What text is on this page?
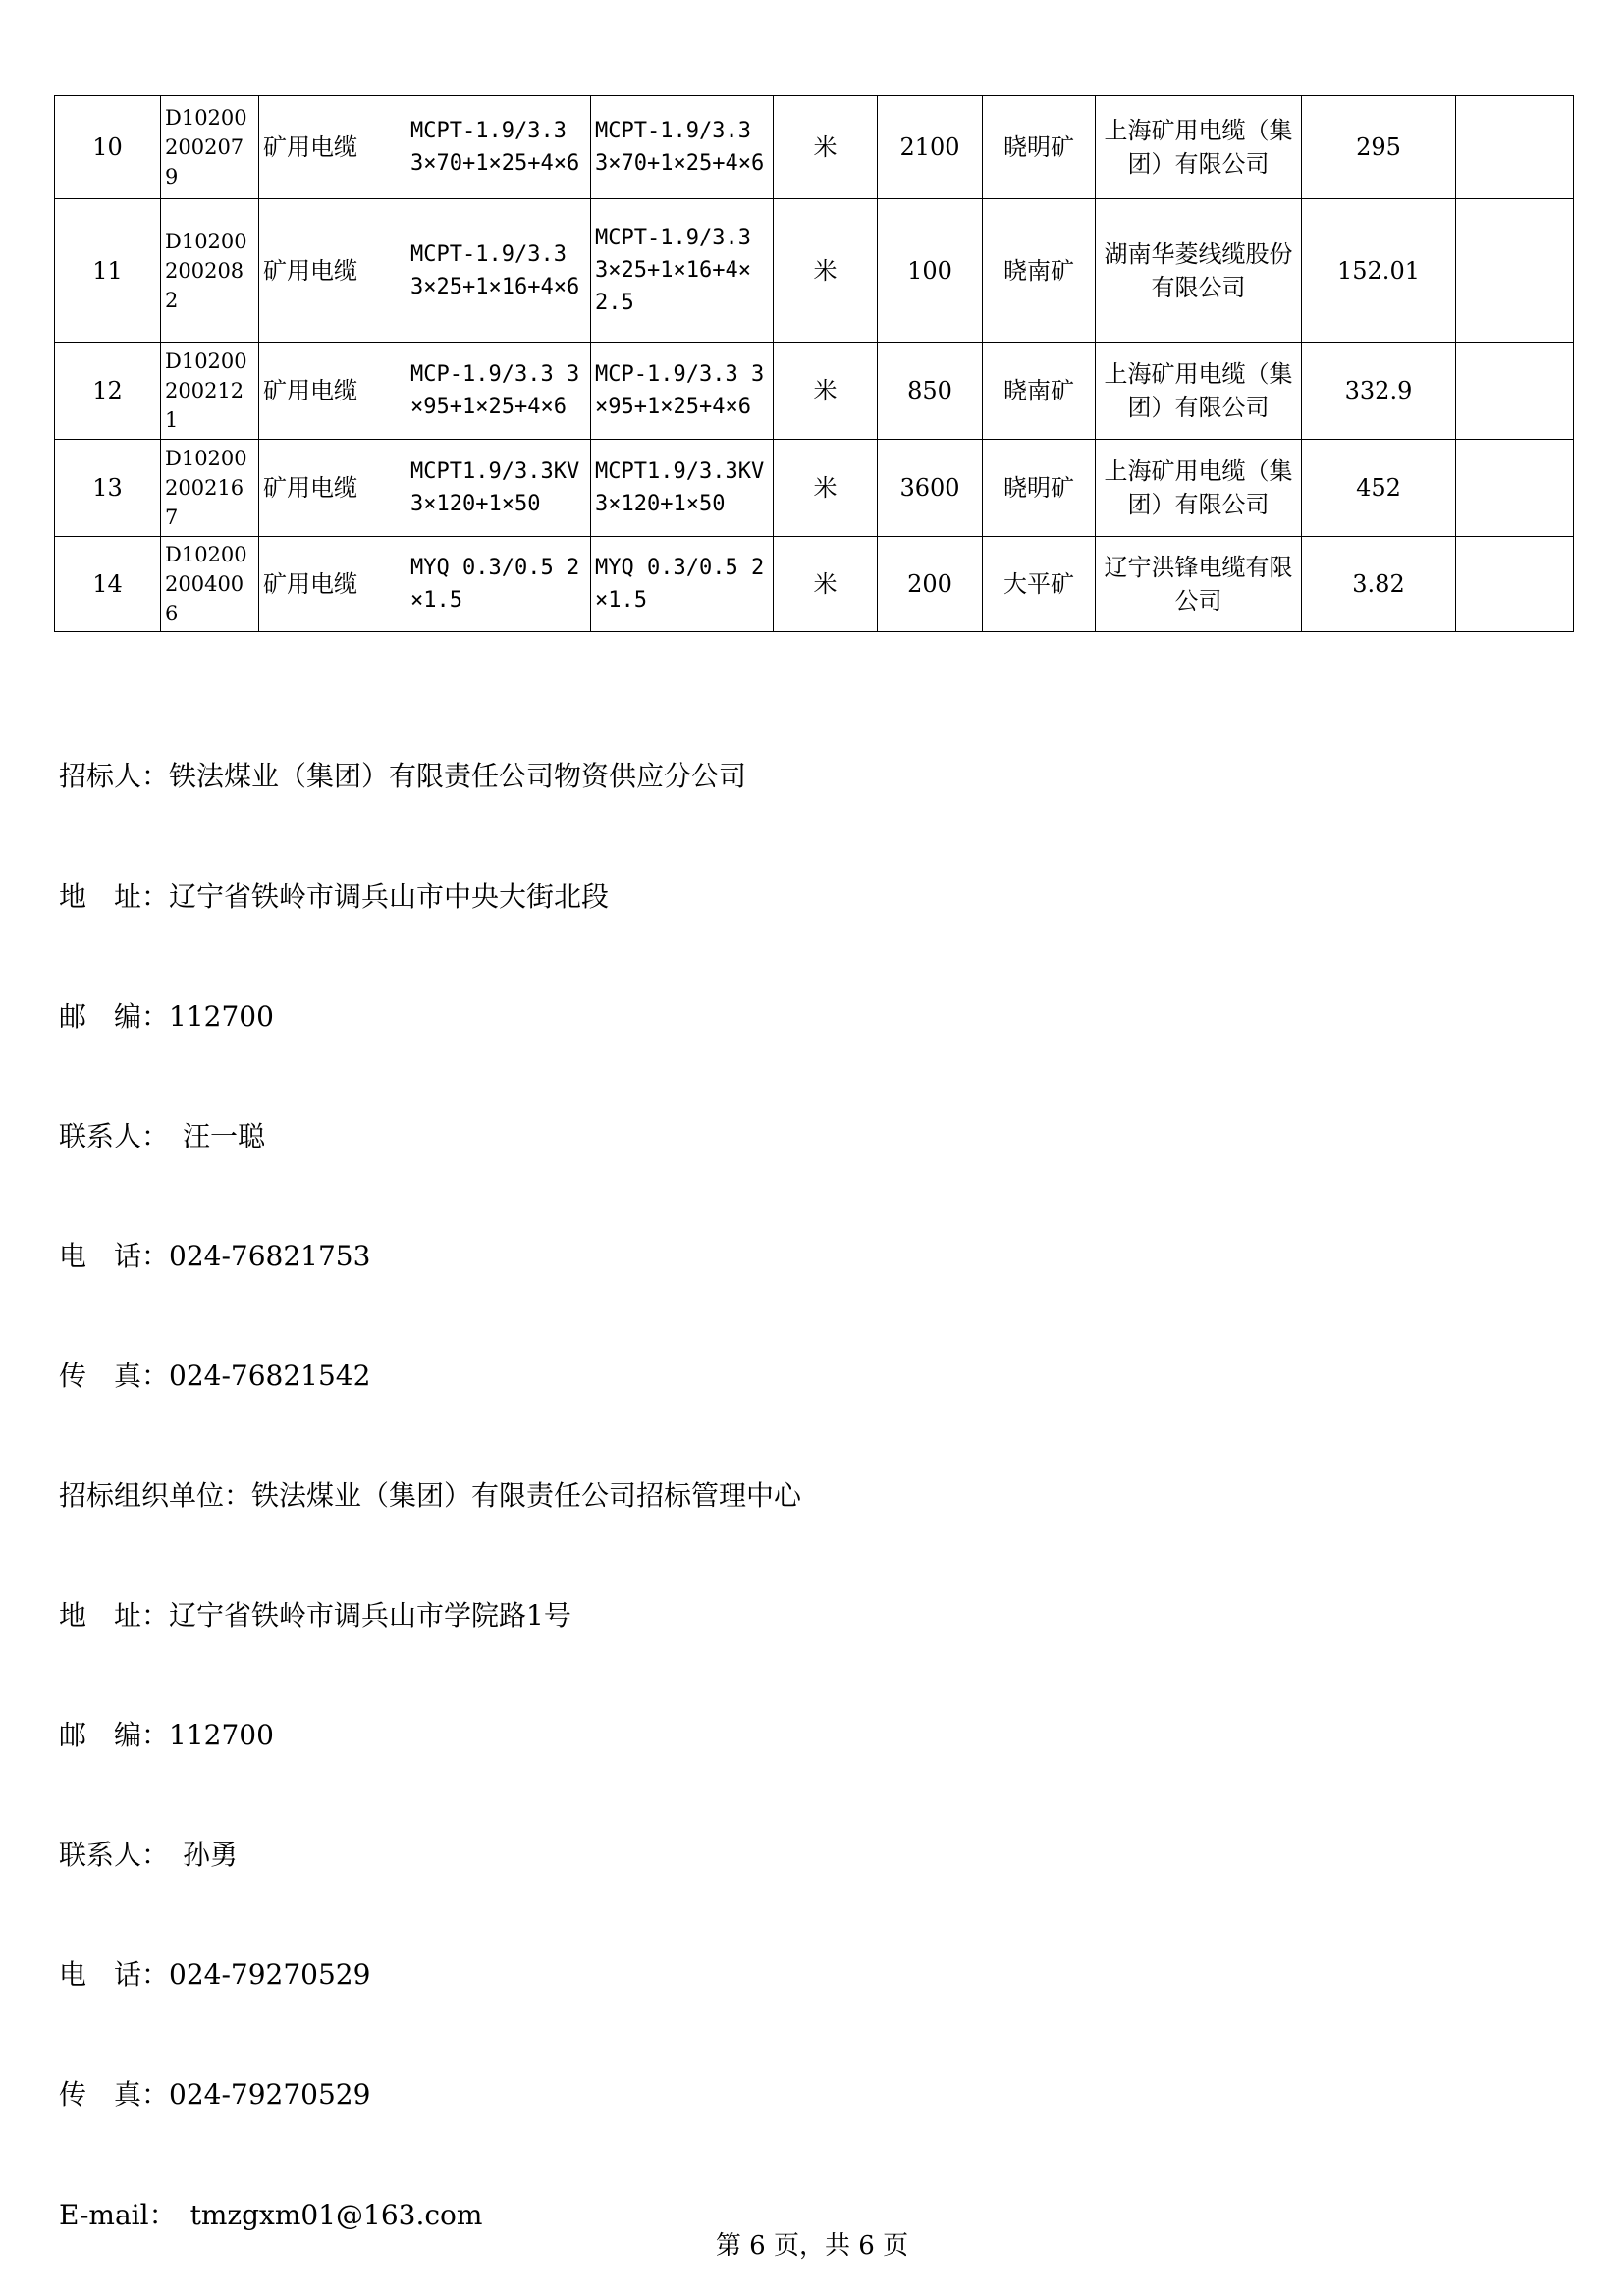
10	D102002002079	矿用电缆	MCPT-1.9/3.3 3×70+1×25+4×6	MCPT-1.9/3.3 3×70+1×25+4×6	米	2100	晓明矿	上海矿用电缆（集团）有限公司	295	
11	D102002002082	矿用电缆	MCPT-1.9/3.3 3×25+1×16+4×6	MCPT-1.9/3.3 3×25+1×16+4×2.5	米	100	晓南矿	湖南华菱线缆股份有限公司	152.01	
12	D102002002121	矿用电缆	MCP-1.9/3.3 3×95+1×25+4×6	MCP-1.9/3.3 3×95+1×25+4×6	米	850	晓南矿	上海矿用电缆（集团）有限公司	332.9	
13	D102002002167	矿用电缆	MCPT1.9/3.3KV 3×120+1×50	MCPT1.9/3.3KV 3×120+1×50	米	3600	晓明矿	上海矿用电缆（集团）有限公司	452	
14	D102002004006	矿用电缆	MYQ 0.3/0.5 2×1.5	MYQ 0.3/0.5 2×1.5	米	200	大平矿	辽宁洪锋电缆有限公司	3.82	

招标人：铁法煤业（集团）有限责任公司物资供应分公司

地　址：辽宁省铁岭市调兵山市中央大街北段

邮　编：112700

联系人：　汪一聪

电　话：024-76821753

传　真：024-76821542

招标组织单位：铁法煤业（集团）有限责任公司招标管理中心

地　址：辽宁省铁岭市调兵山市学院路1号

邮　编：112700

联系人：　孙勇

电　话：024-79270529

传　真：024-79270529

E-mail：　tmzgxm01@163.com

第 6 页，共 6 页
